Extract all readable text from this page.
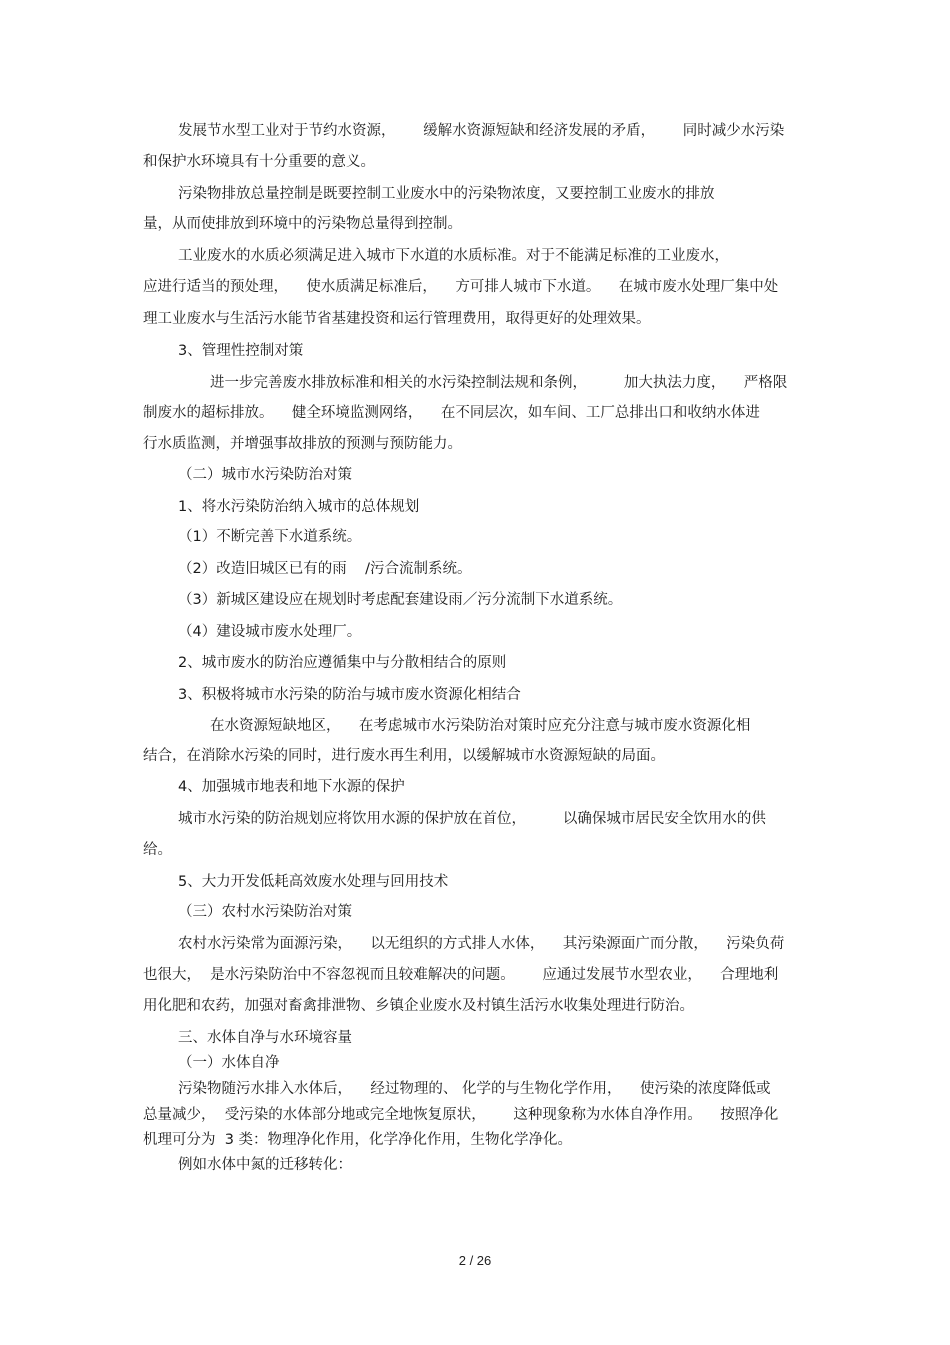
发展节水型工业对于节约水资源，      缓解水资源短缺和经济发展的矛盾，      同时减少水污染
和保护水环境具有十分重要的意义。
污染物排放总量控制是既要控制工业废水中的污染物浓度，又要控制工业废水的排放
量，从而使排放到环境中的污染物总量得到控制。
工业废水的水质必须满足进入城市下水道的水质标准。对于不能满足标准的工业废水，
应进行适当的预处理，    使水质满足标准后，    方可排人城市下水道。    在城市废水处理厂集中处
理工业废水与生活污水能节省基建投资和运行管理费用，取得更好的处理效果。
3、管理性控制对策
进一步完善废水排放标准和相关的水污染控制法规和条例，        加大执法力度，    严格限
制废水的超标排放。    健全环境监测网络，    在不同层次，如车间、工厂总排出口和收纳水体进
行水质监测，并增强事故排放的预测与预防能力。
（二）城市水污染防治对策
1、将水污染防治纳入城市的总体规划
（1）不断完善下水道系统。
（2）改造旧城区已有的雨    /污合流制系统。
（3）新城区建设应在规划时考虑配套建设雨／污分流制下水道系统。
（4）建设城市废水处理厂。
2、城市废水的防治应遵循集中与分散相结合的原则
3、积极将城市水污染的防治与城市废水资源化相结合
在水资源短缺地区，    在考虑城市水污染防治对策时应充分注意与城市废水资源化相
结合，在消除水污染的同时，进行废水再生利用，以缓解城市水资源短缺的局面。
4、加强城市地表和地下水源的保护
城市水污染的防治规划应将饮用水源的保护放在首位，        以确保城市居民安全饮用水的供
给。
5、大力开发低耗高效废水处理与回用技术
（三）农村水污染防治对策
农村水污染常为面源污染，    以无组织的方式排人水体，    其污染源面广而分散，    污染负荷
也很大，  是水污染防治中不容忽视而且较难解决的问题。      应通过发展节水型农业，    合理地利
用化肥和农药，加强对畜禽排泄物、乡镇企业废水及村镇生活污水收集处理进行防治。
三、水体自净与水环境容量
（一）水体自净
污染物随污水排入水体后，    经过物理的、 化学的与生物化学作用，    使污染的浓度降低或
总量减少，  受污染的水体部分地或完全地恢复原状，      这种现象称为水体自净作用。    按照净化
机理可分为  3 类：物理净化作用，化学净化作用，生物化学净化。
例如水体中氮的迁移转化：
2 / 26
